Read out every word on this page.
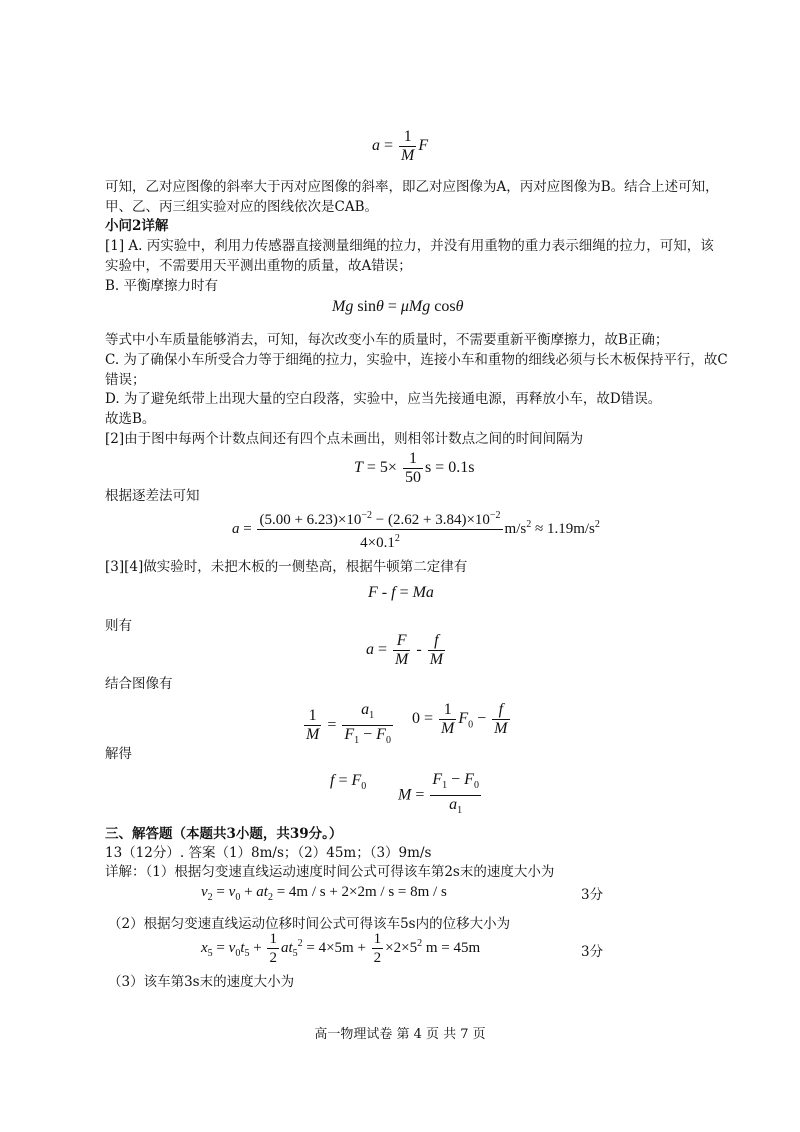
$a = \frac{1}{M}$ F
可知，乙对应图像的斜率大于丙对应图像的斜率，即乙对应图像为A，丙对应图像为B。结合上述可知，
甲、乙、丙三组实验对应的图线依次是CAB。
小问2详解
[1] A. 丙实验中，利用力传感器直接测量细绳的拉力，并没有用重物的重力表示细绳的拉力，可知，该
实验中，不需要用天平测出重物的质量，故A错误；
B. 平衡摩擦力时有
Mg sinθ = μMg cosθ
等式中小车质量能够消去，可知，每次改变小车的质量时，不需要重新平衡摩擦力，故B正确；
C. 为了确保小车所受合力等于细绳的拉力，实验中，连接小车和重物的细线必须与长木板保持平行，故C
错误；
D. 为了避免纸带上出现大量的空白段落，实验中，应当先接通电源，再释放小车，故D错误。
故选B。
[2]由于图中每两个计数点间还有四个点未画出，则相邻计数点之间的时间间隔为
$T = 5\times \frac{1}{50}$ s = 0.1s
根据逐差法可知
$a = \frac{(5.00 + 6.23)\times 10^{-2} - (2.62 + 3.84)\times 10^{-2}}{4\times 0.1^2} m/s^2 \approx 1.19m/s^2$
[3][4]做实验时，未把木板的一侧垫高，根据牛顿第二定律有
F - f = Ma
则有
$a = \frac{F}{M} - \frac{f}{M}$
结合图像有
$\frac{1}{M} = \frac{a_1}{F_1 - F_0} 0 = \frac{1}{M} F_0 - \frac{f}{M}$
解得
$f = F_0$ $M = \frac{F_1 - F_0}{a_1}$
三、解答题（本题共3小题，共39分。）
13（12分）. 答案（1）8m/s；（2）45m；（3）9m/s
详解：（1）根据匀变速直线运动速度时间公式可得该车第2s末的速度大小为
$v_2 = v_0 + at_2 = 4m / s + 2\times 2m / s = 8m / s$	3分
（2）根据匀变速直线运动位移时间公式可得该车5s内的位移大小为
$x_5 = v_0t_5 + \frac{1}{2} at_5^2 = 4\times 5m + \frac{1}{2} \times 2\times 5^2$ m = 45m	3分
（3）该车第3s末的速度大小为
高一物理试卷 第 4 页 共 7 页
